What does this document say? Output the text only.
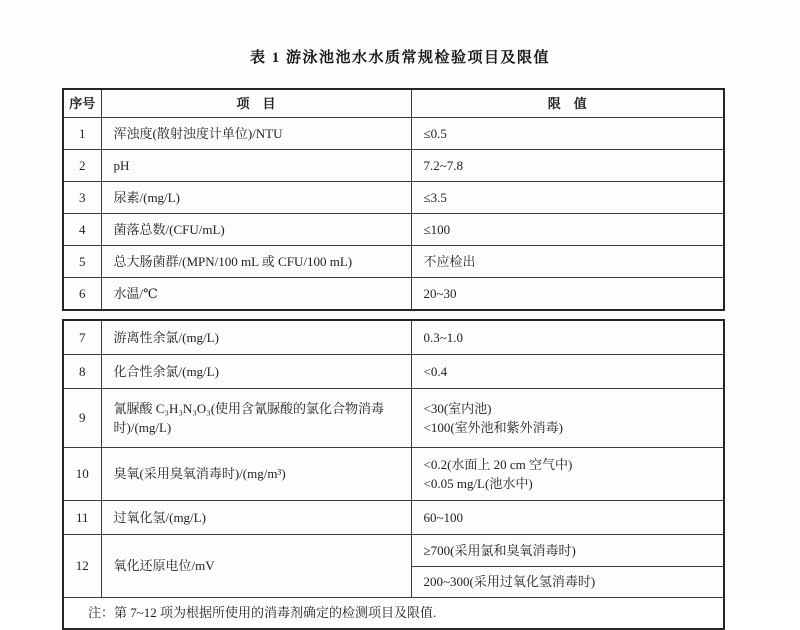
表 1 游泳池池水水质常规检验项目及限值
序号	项    目	限    值
1	浑浊度(散射浊度计单位)/NTU	≤0.5
2	pH	7.2~7.8
3	尿素/(mg/L)	≤3.5
4	菌落总数/(CFU/mL)	≤100
5	总大肠菌群/(MPN/100 mL 或 CFU/100 mL)	不应检出
6	水温/℃	20~30
7	游离性余氯/(mg/L)	0.3~1.0
8	化合性余氯/(mg/L)	<0.4
9	氰脲酸 C₃H₃N₃O₃(使用含氰脲酸的氯化合物消毒时)/(mg/L)	<30(室内池)
<100(室外池和紫外消毒)

10	臭氧(采用臭氧消毒时)/(mg/m³)	<0.2(水面上 20 cm 空气中)
<0.05 mg/L(池水中)

11	过氧化氢/(mg/L)	60~100
12	氧化还原电位/mV	≥700(采用氯和臭氧消毒时)
		200~300(采用过氧化氢消毒时)
注：第 7~12 项为根据所使用的消毒剂确定的检测项目及限值.		
